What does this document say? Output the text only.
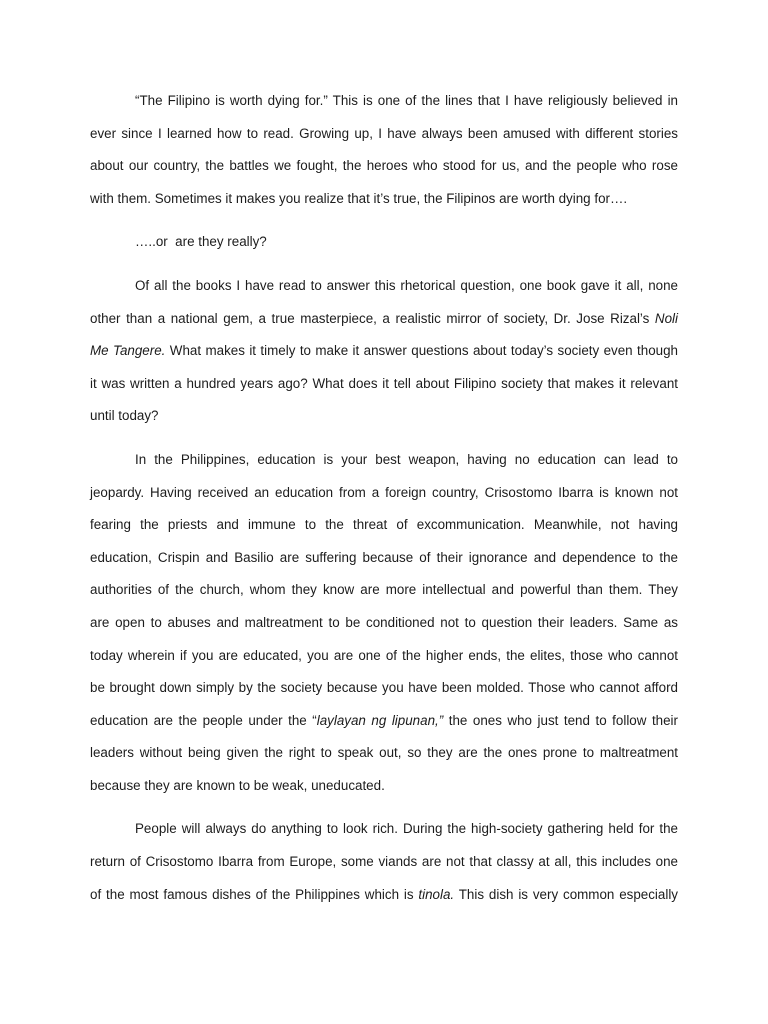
“The Filipino is worth dying for.” This is one of the lines that I have religiously believed in
ever since I learned how to read. Growing up, I have always been amused with different stories
about our country, the battles we fought, the heroes who stood for us, and the people who rose
with them. Sometimes it makes you realize that it’s true, the Filipinos are worth dying for….
…..or  are they really?
Of all the books I have read to answer this rhetorical question, one book gave it all, none
other than a national gem, a true masterpiece, a realistic mirror of society, Dr. Jose Rizal’s Noli
Me Tangere. What makes it timely to make it answer questions about today’s society even though
it was written a hundred years ago? What does it tell about Filipino society that makes it relevant
until today?
In the Philippines, education is your best weapon, having no education can lead to
jeopardy. Having received an education from a foreign country, Crisostomo Ibarra is known not
fearing the priests and immune to the threat of excommunication. Meanwhile, not having
education, Crispin and Basilio are suffering because of their ignorance and dependence to the
authorities of the church, whom they know are more intellectual and powerful than them. They
are open to abuses and maltreatment to be conditioned not to question their leaders. Same as
today wherein if you are educated, you are one of the higher ends, the elites, those who cannot
be brought down simply by the society because you have been molded. Those who cannot afford
education are the people under the “laylayan ng lipunan,” the ones who just tend to follow their
leaders without being given the right to speak out, so they are the ones prone to maltreatment
because they are known to be weak, uneducated.
People will always do anything to look rich. During the high-society gathering held for the
return of Crisostomo Ibarra from Europe, some viands are not that classy at all, this includes one
of the most famous dishes of the Philippines which is tinola. This dish is very common especially
